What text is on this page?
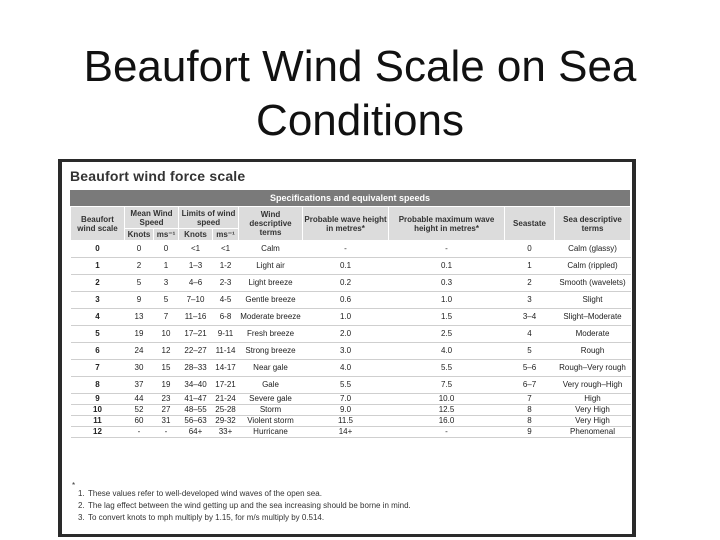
Beaufort Wind Scale on Sea
Conditions
Beaufort wind force scale
Specifications and equivalent speeds
Beaufort wind scale	Mean Wind Speed		Limits of wind speed		Wind descriptive terms	Probable wave height in metres*	Probable maximum wave height in metres*	Seastate	Sea descriptive terms
	Knots	ms⁻¹	Knots	ms⁻¹					
0	0	0	<1	<1	Calm	-	-	0	Calm (glassy)
1	2	1	1–3	1-2	Light air	0.1	0.1	1	Calm (rippled)
2	5	3	4–6	2-3	Light breeze	0.2	0.3	2	Smooth (wavelets)
3	9	5	7–10	4-5	Gentle breeze	0.6	1.0	3	Slight
4	13	7	11–16	6-8	Moderate breeze	1.0	1.5	3–4	Slight–Moderate
5	19	10	17–21	9-11	Fresh breeze	2.0	2.5	4	Moderate
6	24	12	22–27	11-14	Strong breeze	3.0	4.0	5	Rough
7	30	15	28–33	14-17	Near gale	4.0	5.5	5–6	Rough–Very rough
8	37	19	34–40	17-21	Gale	5.5	7.5	6–7	Very rough–High
9	44	23	41–47	21-24	Severe gale	7.0	10.0	7	High
10	52	27	48–55	25-28	Storm	9.0	12.5	8	Very High
11	60	31	56–63	29-32	Violent storm	11.5	16.0	8	Very High
12	-	-	64+	33+	Hurricane	14+	-	9	Phenomenal
*
1. These values refer to well-developed wind waves of the open sea.
2. The lag effect between the wind getting up and the sea increasing should be borne in mind.
3. To convert knots to mph multiply by 1.15, for m/s multiply by 0.514.
